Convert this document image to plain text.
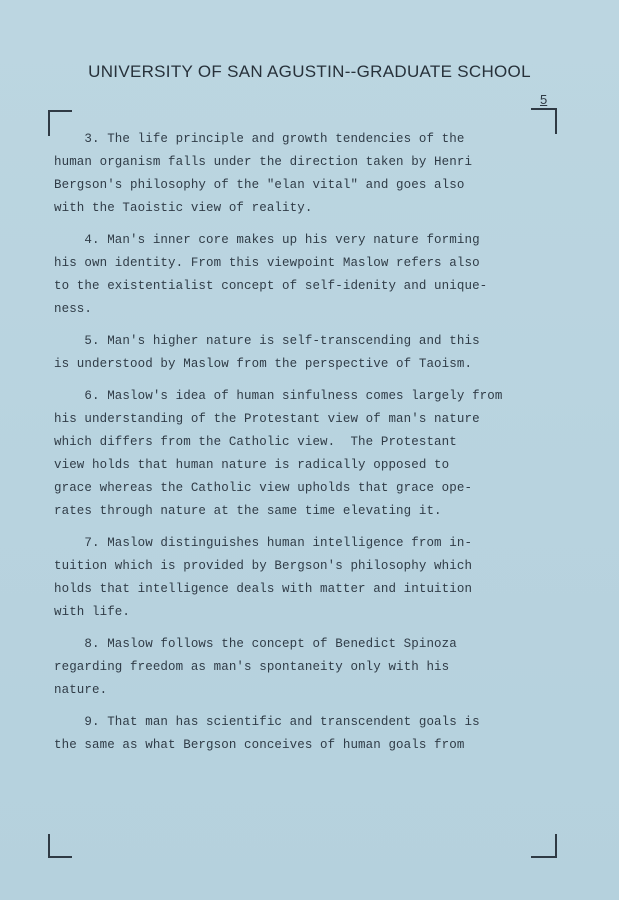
UNIVERSITY OF SAN AGUSTIN--GRADUATE SCHOOL
5
3. The life principle and growth tendencies of the
human organism falls under the direction taken by Henri
Bergson's philosophy of the "elan vital" and goes also
with the Taoistic view of reality.
4. Man's inner core makes up his very nature forming
his own identity. From this viewpoint Maslow refers also
to the existentialist concept of self-idenity and unique-
ness.
5. Man's higher nature is self-transcending and this
is understood by Maslow from the perspective of Taoism.
6. Maslow's idea of human sinfulness comes largely from
his understanding of the Protestant view of man's nature
which differs from the Catholic view.  The Protestant
view holds that human nature is radically opposed to
grace whereas the Catholic view upholds that grace ope-
rates through nature at the same time elevating it.
7. Maslow distinguishes human intelligence from in-
tuition which is provided by Bergson's philosophy which
holds that intelligence deals with matter and intuition
with life.
8. Maslow follows the concept of Benedict Spinoza
regarding freedom as man's spontaneity only with his
nature.
9. That man has scientific and transcendent goals is
the same as what Bergson conceives of human goals from
